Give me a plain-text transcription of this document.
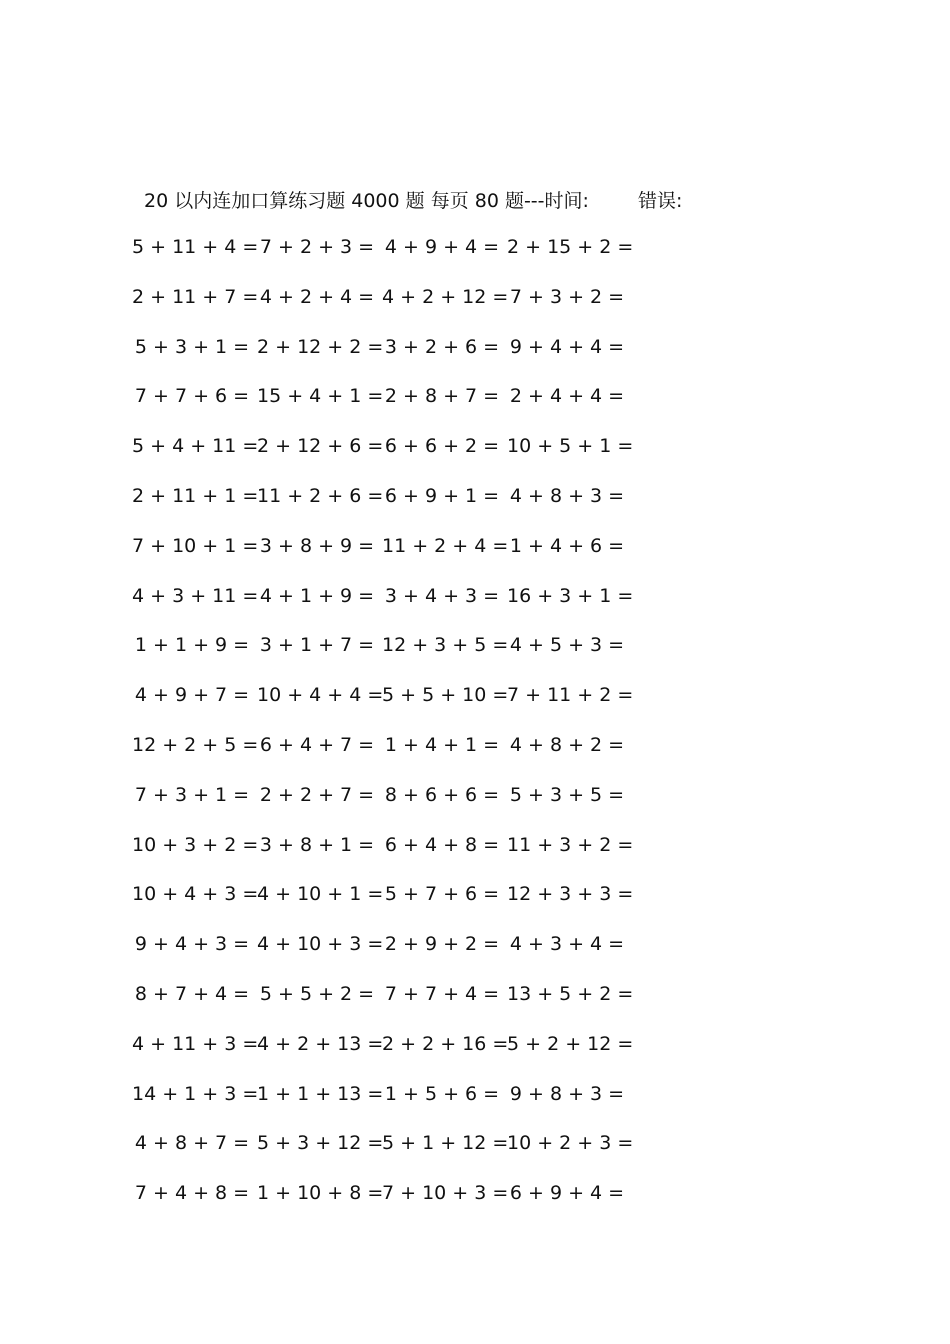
20 以内连加口算练习题 4000 题 每页 80 题---时间:	错误:
5 + 11 + 4 = 7 + 2 + 3 = 4 + 9 + 4 = 2 + 15 + 2 =
2 + 11 + 7 = 4 + 2 + 4 = 4 + 2 + 12 = 7 + 3 + 2 =
5 + 3 + 1 = 2 + 12 + 2 = 3 + 2 + 6 = 9 + 4 + 4 =
7 + 7 + 6 = 15 + 4 + 1 = 2 + 8 + 7 = 2 + 4 + 4 =
5 + 4 + 11 =
2 + 12 + 6 = 6 + 6 + 2 = 10 + 5 + 1 =
2 + 11 + 1 =
11 + 2 + 6 = 6 + 9 + 1 = 4 + 8 + 3 =
7 + 10 + 1 = 3 + 8 + 9 = 11 + 2 + 4 = 1 + 4 + 6 =
4 + 3 + 11 = 4 + 1 + 9 = 3 + 4 + 3 = 16 + 3 + 1 =
1 + 1 + 9 = 3 + 1 + 7 = 12 + 3 + 5 = 4 + 5 + 3 =
4 + 9 + 7 = 10 + 4 + 4 =
5 + 5 + 10 =
7 + 11 + 2 =
12 + 2 + 5 = 6 + 4 + 7 = 1 + 4 + 1 = 4 + 8 + 2 =
7 + 3 + 1 = 2 + 2 + 7 = 8 + 6 + 6 = 5 + 3 + 5 =
10 + 3 + 2 = 3 + 8 + 1 = 6 + 4 + 8 = 11 + 3 + 2 =
10 + 4 + 3 =
4 + 10 + 1 = 5 + 7 + 6 = 12 + 3 + 3 =
9 + 4 + 3 = 4 + 10 + 3 = 2 + 9 + 2 = 4 + 3 + 4 =
8 + 7 + 4 = 5 + 5 + 2 = 7 + 7 + 4 = 13 + 5 + 2 =
4 + 11 + 3 =
4 + 2 + 13 =
2 + 2 + 16 =
5 + 2 + 12 =
14 + 1 + 3 =
1 + 1 + 13 = 1 + 5 + 6 = 9 + 8 + 3 =
4 + 8 + 7 = 5 + 3 + 12 =
5 + 1 + 12 =
10 + 2 + 3 =
7 + 4 + 8 = 1 + 10 + 8 =
7 + 10 + 3 = 6 + 9 + 4 =
